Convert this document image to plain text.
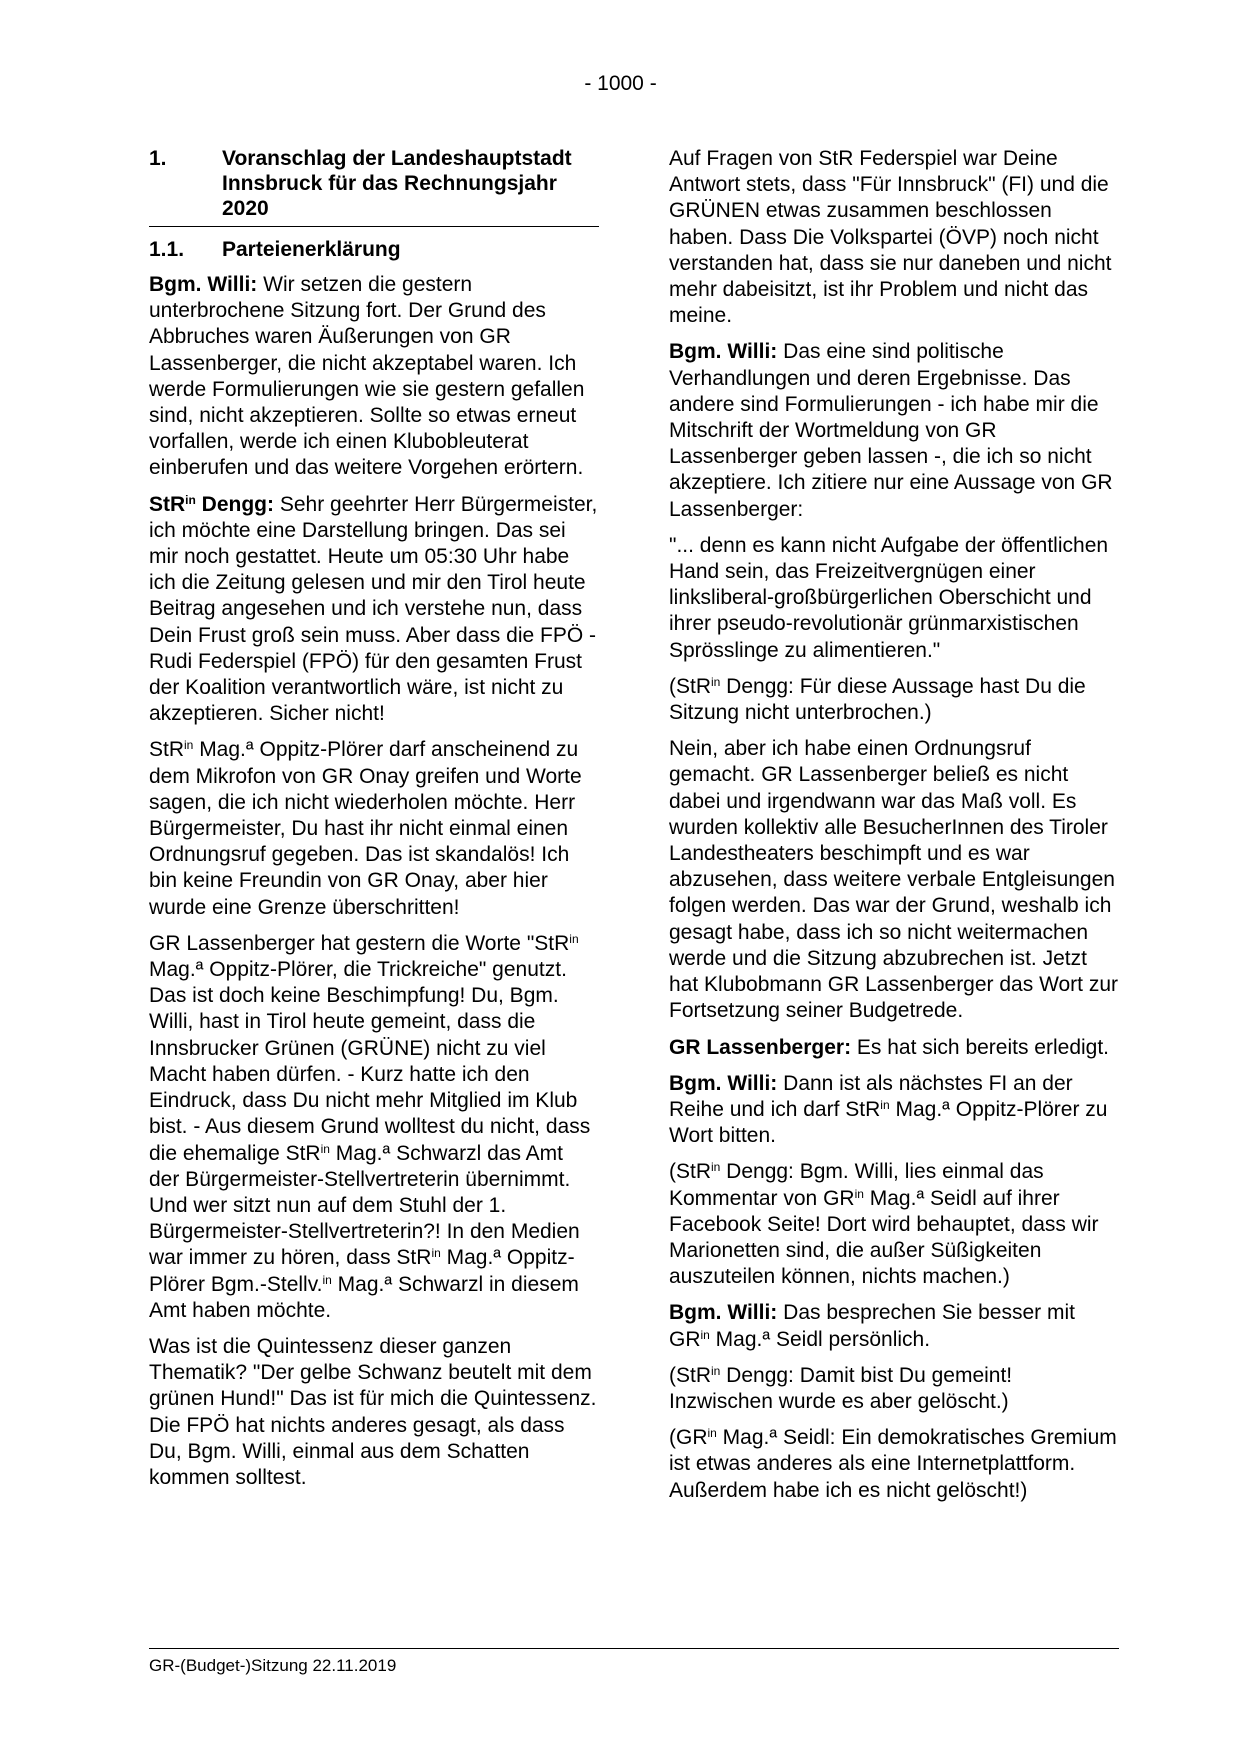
- 1000 -
1.	Voranschlag der Landeshauptstadt Innsbruck für das Rechnungsjahr 2020
1.1.	Parteienerklärung

Bgm. Willi: Wir setzen die gestern unterbrochene Sitzung fort. Der Grund des Abbruches waren Äußerungen von GR Lassenberger, die nicht akzeptabel waren. Ich werde Formulierungen wie sie gestern gefallen sind, nicht akzeptieren. Sollte so etwas erneut vorfallen, werde ich einen Klubobleuterat einberufen und das weitere Vorgehen erörtern.

StR$^{in}$ Dengg: Sehr geehrter Herr Bürgermeister, ich möchte eine Darstellung bringen. Das sei mir noch gestattet. Heute um 05:30 Uhr habe ich die Zeitung gelesen und mir den Tirol heute Beitrag angesehen und ich verstehe nun, dass Dein Frust groß sein muss. Aber dass die FPÖ - Rudi Federspiel (FPÖ) für den gesamten Frust der Koalition verantwortlich wäre, ist nicht zu akzeptieren. Sicher nicht!

StR$^{in}$ Mag.ª Oppitz-Plörer darf anscheinend zu dem Mikrofon von GR Onay greifen und Worte sagen, die ich nicht wiederholen möchte. Herr Bürgermeister, Du hast ihr nicht einmal einen Ordnungsruf gegeben. Das ist skandalös! Ich bin keine Freundin von GR Onay, aber hier wurde eine Grenze überschritten!

GR Lassenberger hat gestern die Worte "StR$^{in}$ Mag.ª Oppitz-Plörer, die Trickreiche" genutzt. Das ist doch keine Beschimpfung! Du, Bgm. Willi, hast in Tirol heute gemeint, dass die Innsbrucker Grünen (GRÜNE) nicht zu viel Macht haben dürfen. - Kurz hatte ich den Eindruck, dass Du nicht mehr Mitglied im Klub bist. - Aus diesem Grund wolltest du nicht, dass die ehemalige StR$^{in}$ Mag.ª Schwarzl das Amt der Bürgermeister-Stellvertreterin übernimmt. Und wer sitzt nun auf dem Stuhl der 1. Bürgermeister-Stellvertreterin?! In den Medien war immer zu hören, dass StR$^{in}$ Mag.ª Oppitz-Plörer Bgm.-Stellv.$^{in}$ Mag.ª Schwarzl in diesem Amt haben möchte.

Was ist die Quintessenz dieser ganzen Thematik? "Der gelbe Schwanz beutelt mit dem grünen Hund!" Das ist für mich die Quintessenz. Die FPÖ hat nichts anderes gesagt, als dass Du, Bgm. Willi, einmal aus dem Schatten kommen solltest.

Auf Fragen von StR Federspiel war Deine Antwort stets, dass "Für Innsbruck" (FI) und die GRÜNEN etwas zusammen beschlossen haben. Dass Die Volkspartei (ÖVP) noch nicht verstanden hat, dass sie nur daneben und nicht mehr dabeisitzt, ist ihr Problem und nicht das meine.

Bgm. Willi: Das eine sind politische Verhandlungen und deren Ergebnisse. Das andere sind Formulierungen - ich habe mir die Mitschrift der Wortmeldung von GR Lassenberger geben lassen -, die ich so nicht akzeptiere. Ich zitiere nur eine Aussage von GR Lassenberger:

"... denn es kann nicht Aufgabe der öffentlichen Hand sein, das Freizeitvergnügen einer linksliberal-großbürgerlichen Oberschicht und ihrer pseudo-revolutionär grünmarxistischen Sprösslinge zu alimentieren."

(StR$^{in}$ Dengg: Für diese Aussage hast Du die Sitzung nicht unterbrochen.)

Nein, aber ich habe einen Ordnungsruf gemacht. GR Lassenberger beließ es nicht dabei und irgendwann war das Maß voll. Es wurden kollektiv alle BesucherInnen des Tiroler Landestheaters beschimpft und es war abzusehen, dass weitere verbale Entgleisungen folgen werden. Das war der Grund, weshalb ich gesagt habe, dass ich so nicht weitermachen werde und die Sitzung abzubrechen ist. Jetzt hat Klubobmann GR Lassenberger das Wort zur Fortsetzung seiner Budgetrede.

GR Lassenberger: Es hat sich bereits erledigt.

Bgm. Willi: Dann ist als nächstes FI an der Reihe und ich darf StR$^{in}$ Mag.ª Oppitz-Plörer zu Wort bitten.

(StR$^{in}$ Dengg: Bgm. Willi, lies einmal das Kommentar von $GR^{in}$ Mag.ª Seidl auf ihrer Facebook Seite! Dort wird behauptet, dass wir Marionetten sind, die außer Süßigkeiten auszuteilen können, nichts machen.)

Bgm. Willi: Das besprechen Sie besser mit $GR^{in}$ Mag.ª Seidl persönlich.

(StR$^{in}$ Dengg: Damit bist Du gemeint! Inzwischen wurde es aber gelöscht.)

($GR^{in}$ Mag.ª Seidl: Ein demokratisches Gremium ist etwas anderes als eine Internetplattform. Außerdem habe ich es nicht gelöscht!)

GR-(Budget-)Sitzung 22.11.2019
